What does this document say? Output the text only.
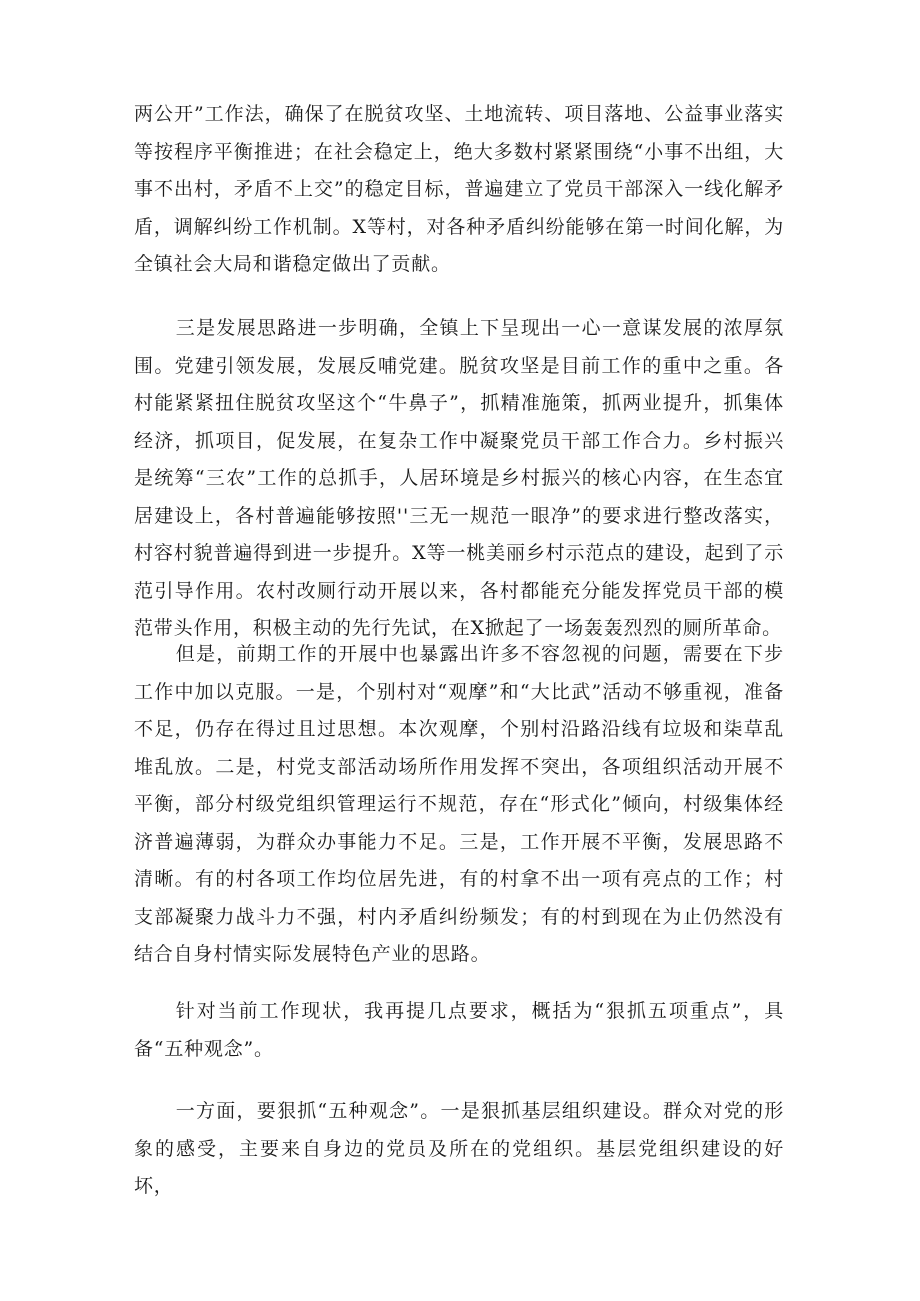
两公开”工作法，确保了在脱贫攻坚、土地流转、项目落地、公益事业落实等按程序平衡推进；在社会稳定上，绝大多数村紧紧围绕“小事不出组，大事不出村，矛盾不上交”的稳定目标，普遍建立了党员干部深入一线化解矛盾，调解纠纷工作机制。X等村，对各种矛盾纠纷能够在第一时间化解，为全镇社会大局和谐稳定做出了贡献。

三是发展思路进一步明确，全镇上下呈现出一心一意谋发展的浓厚氛围。党建引领发展，发展反哺党建。脱贫攻坚是目前工作的重中之重。各村能紧紧扭住脱贫攻坚这个“牛鼻子”，抓精准施策，抓两业提升，抓集体经济，抓项目，促发展，在复杂工作中凝聚党员干部工作合力。乡村振兴是统筹“三农”工作的总抓手，人居环境是乡村振兴的核心内容，在生态宜居建设上，各村普遍能够按照''三无一规范一眼净”的要求进行整改落实，村容村貌普遍得到进一步提升。X等一桃美丽乡村示范点的建设，起到了示范引导作用。农村改厕行动开展以来，各村都能充分能发挥党员干部的模范带头作用，积极主动的先行先试，在X掀起了一场轰轰烈烈的厕所革命。

但是，前期工作的开展中也暴露出许多不容忽视的问题，需要在下步工作中加以克服。一是，个别村对“观摩”和“大比武”活动不够重视，准备不足，仍存在得过且过思想。本次观摩，个别村沿路沿线有垃圾和柒草乱堆乱放。二是，村党支部活动场所作用发挥不突出，各项组织活动开展不平衡，部分村级党组织管理运行不规范，存在“形式化”倾向，村级集体经济普遍薄弱，为群众办事能力不足。三是，工作开展不平衡，发展思路不清晰。有的村各项工作均位居先进，有的村拿不出一项有亮点的工作；村支部凝聚力战斗力不强，村内矛盾纠纷频发；有的村到现在为止仍然没有结合自身村情实际发展特色产业的思路。

针对当前工作现状，我再提几点要求，概括为“狠抓五项重点”，具备“五种观念”。

一方面，要狠抓“五种观念”。一是狠抓基层组织建设。群众对党的形象的感受，主要来自身边的党员及所在的党组织。基层党组织建设的好坏，
